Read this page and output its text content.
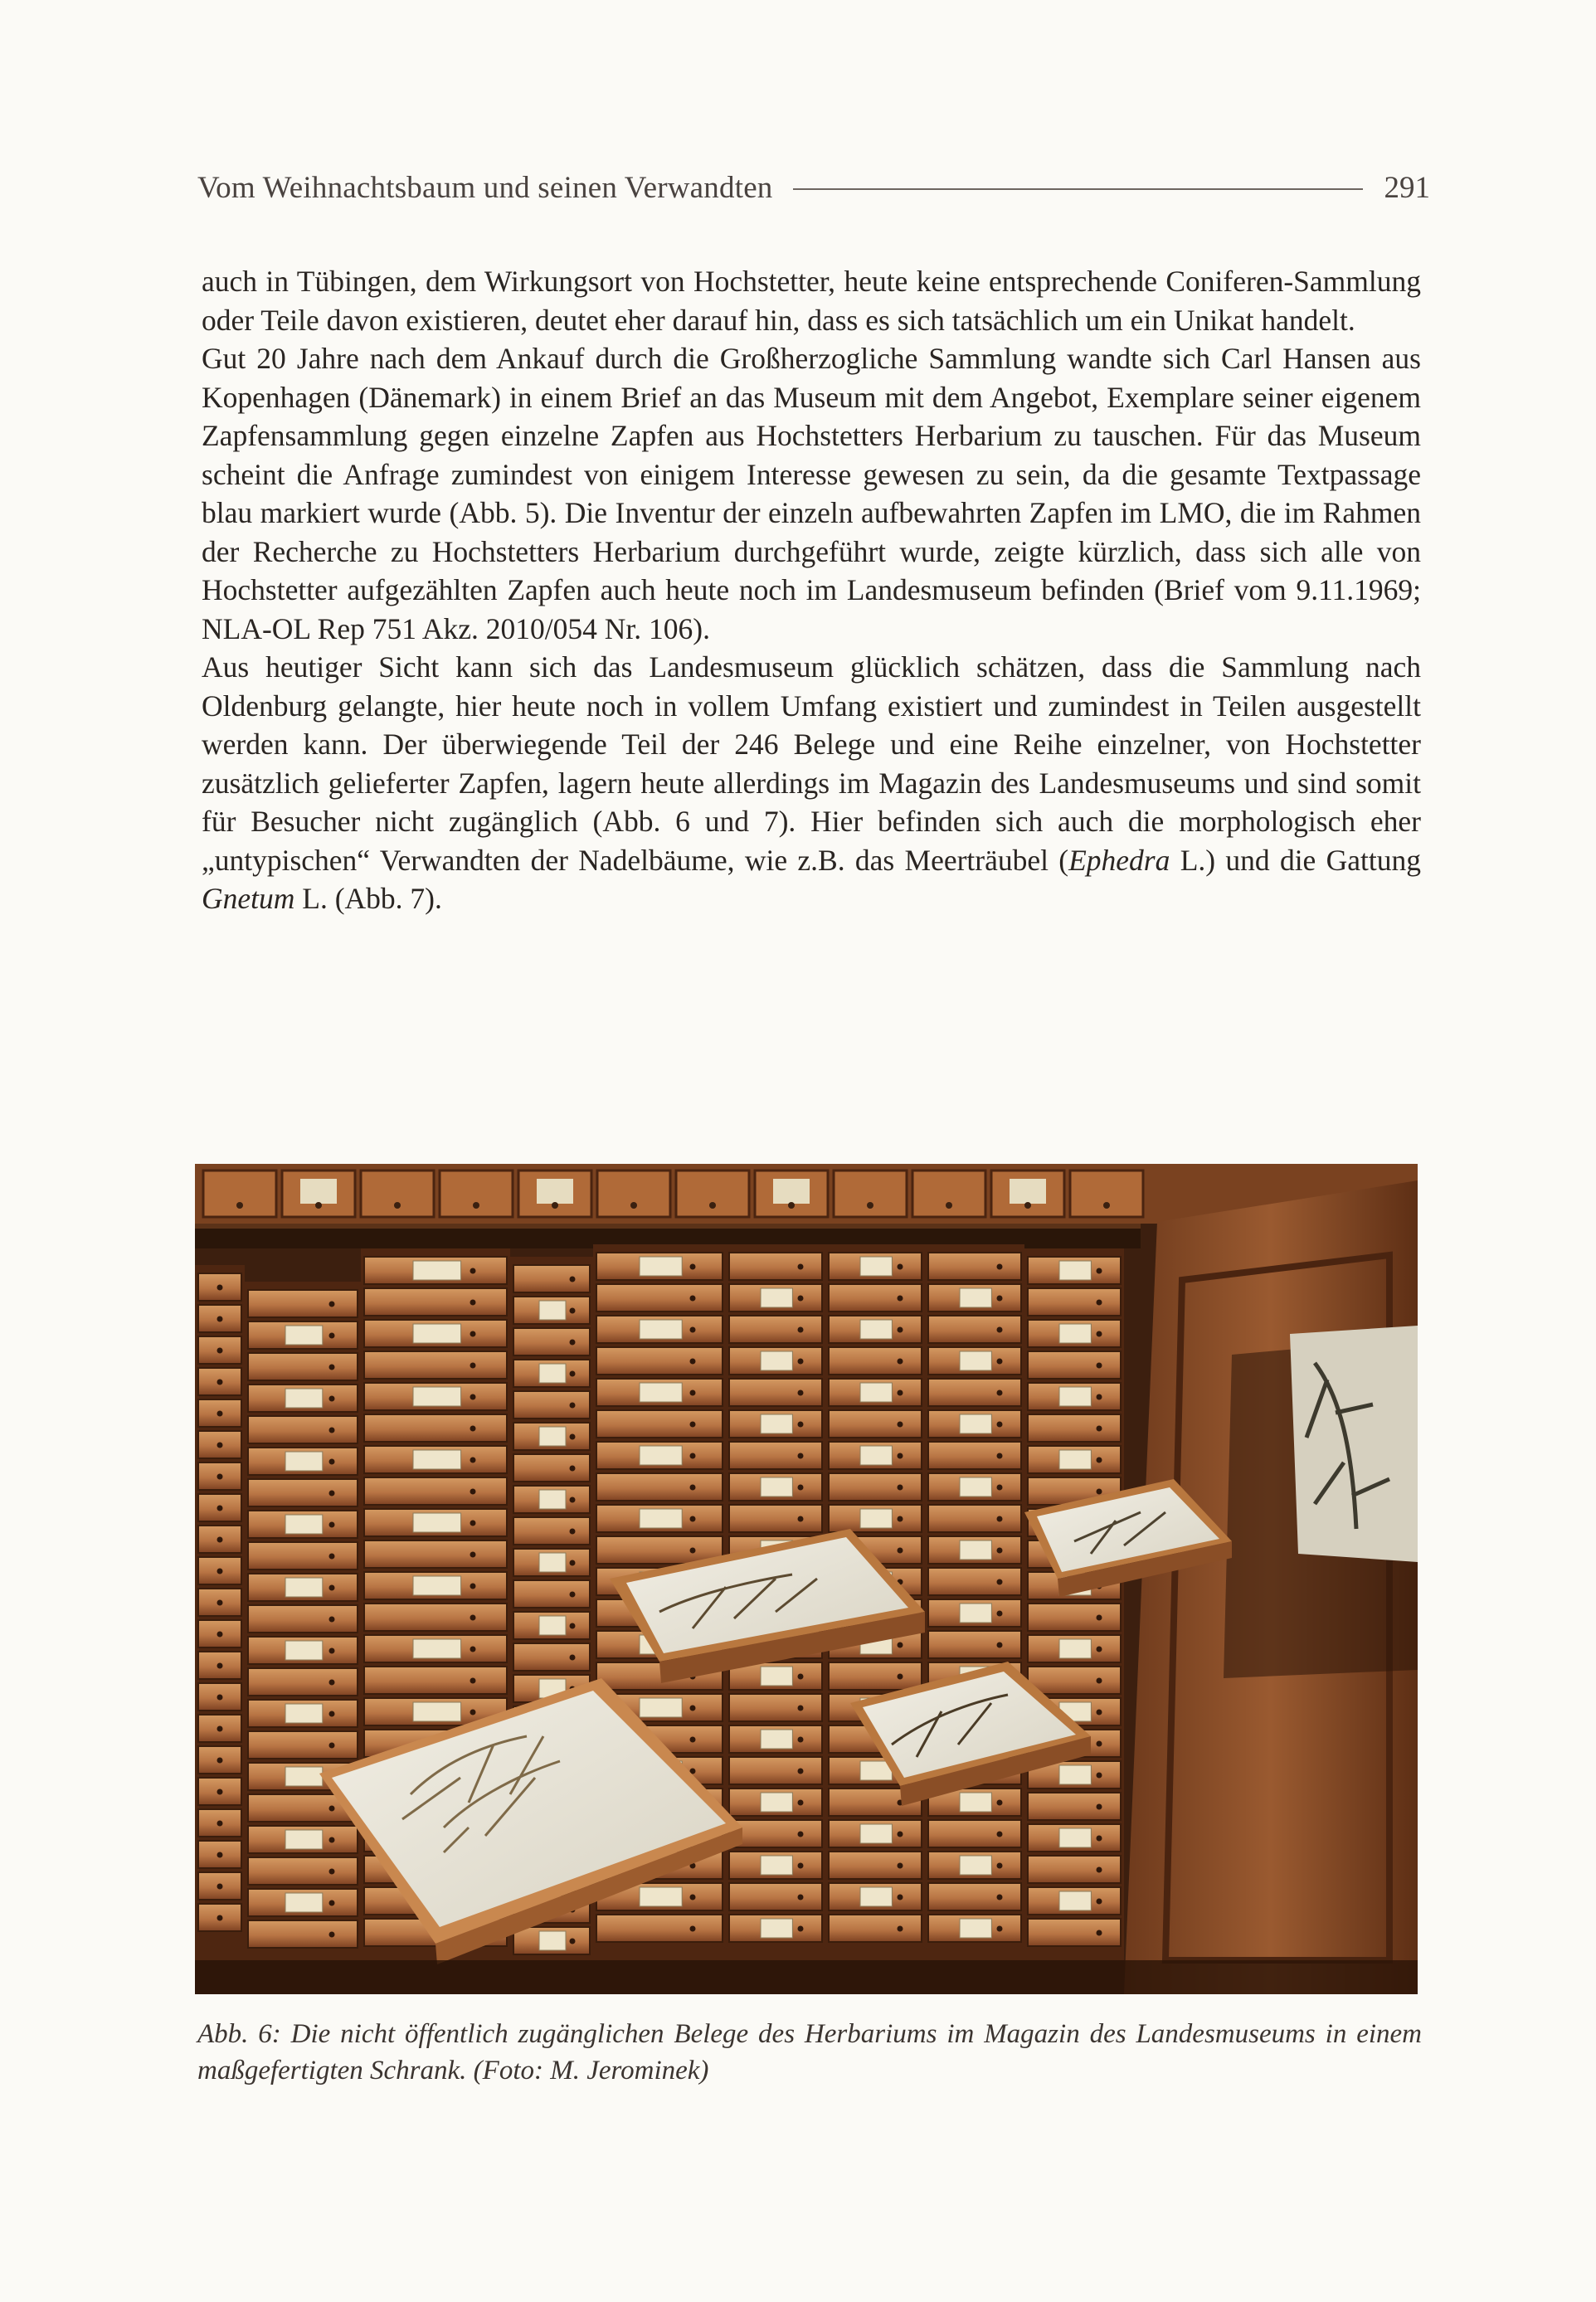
Vom Weihnachtsbaum und seinen Verwandten	291

auch in Tübingen, dem Wirkungsort von Hochstetter, heute keine entsprechende Coniferen-Sammlung oder Teile davon existieren, deutet eher darauf hin, dass es sich tatsächlich um ein Unikat handelt.

Gut 20 Jahre nach dem Ankauf durch die Großherzogliche Sammlung wandte sich Carl Hansen aus Kopenhagen (Dänemark) in einem Brief an das Museum mit dem Angebot, Exemplare seiner eigenem Zapfensammlung gegen einzelne Zapfen aus Hochstetters Herbarium zu tauschen. Für das Museum scheint die Anfrage zumindest von einigem Interesse gewesen zu sein, da die gesamte Textpassage blau markiert wurde (Abb. 5). Die Inventur der einzeln aufbewahrten Zapfen im LMO, die im Rahmen der Recherche zu Hochstetters Herbarium durchgeführt wurde, zeigte kürzlich, dass sich alle von Hochstetter aufgezählten Zapfen auch heute noch im Landesmuseum befinden (Brief vom 9.11.1969; NLA-OL Rep 751 Akz. 2010/054 Nr. 106).

Aus heutiger Sicht kann sich das Landesmuseum glücklich schätzen, dass die Sammlung nach Oldenburg gelangte, hier heute noch in vollem Umfang existiert und zumindest in Teilen ausgestellt werden kann. Der überwiegende Teil der 246 Belege und eine Reihe einzelner, von Hochstetter zusätzlich gelieferter Zapfen, lagern heute allerdings im Magazin des Landesmuseums und sind somit für Besucher nicht zugänglich (Abb. 6 und 7). Hier befinden sich auch die morphologisch eher „untypischen“ Verwandten der Nadelbäume, wie z.B. das Meerträubel (Ephedra L.) und die Gattung Gnetum L. (Abb. 7).

Abb. 6: Die nicht öffentlich zugänglichen Belege des Herbariums im Magazin des Landesmuseums in einem maßgefertigten Schrank. (Foto: M. Jerominek)
